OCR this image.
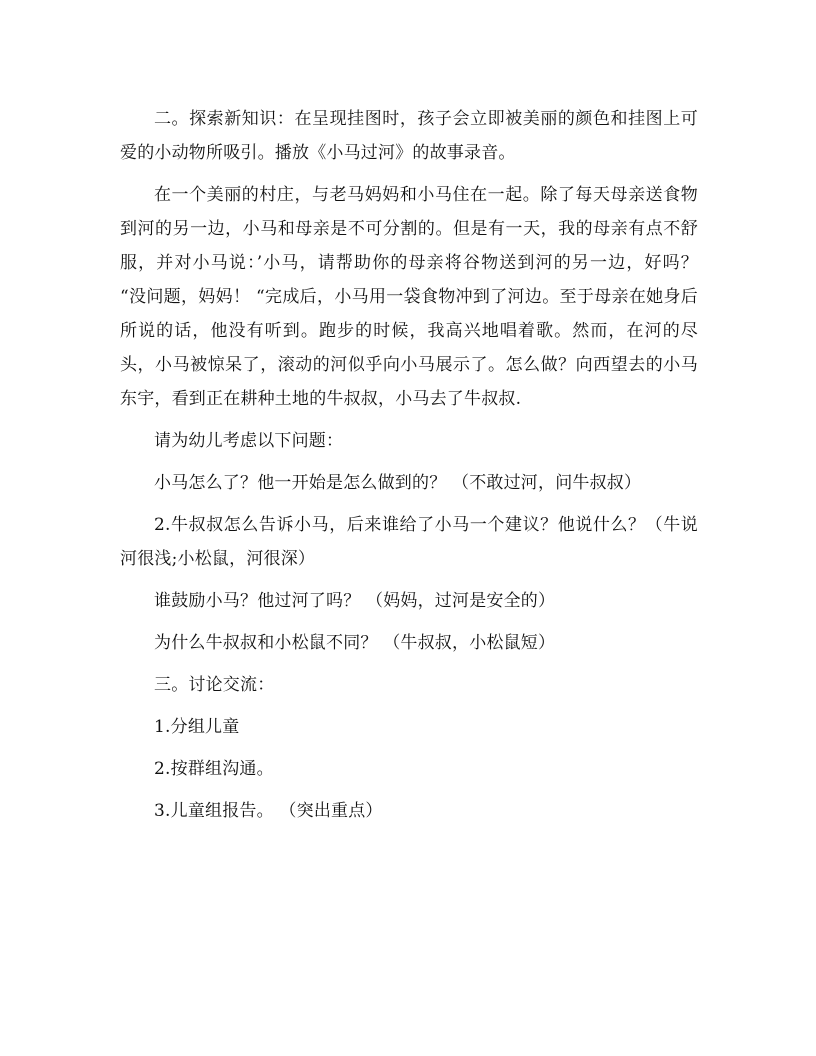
二。探索新知识：在呈现挂图时，孩子会立即被美丽的颜色和挂图上可爱的小动物所吸引。播放《小马过河》的故事录音。

在一个美丽的村庄，与老马妈妈和小马住在一起。除了每天母亲送食物到河的另一边，小马和母亲是不可分割的。但是有一天，我的母亲有点不舒服，并对小马说：’小马，请帮助你的母亲将谷物送到河的另一边，好吗？ “没问题，妈妈！ “完成后，小马用一袋食物冲到了河边。至于母亲在她身后所说的话，他没有听到。跑步的时候，我高兴地唱着歌。然而，在河的尽头，小马被惊呆了，滚动的河似乎向小马展示了。怎么做？向西望去的小马东宇，看到正在耕种土地的牛叔叔，小马去了牛叔叔.

请为幼儿考虑以下问题：

小马怎么了？他一开始是怎么做到的？ （不敢过河，问牛叔叔）

2.牛叔叔怎么告诉小马，后来谁给了小马一个建议？他说什么？（牛说河很浅;小松鼠，河很深）

谁鼓励小马？他过河了吗？ （妈妈，过河是安全的）

为什么牛叔叔和小松鼠不同？ （牛叔叔，小松鼠短）

三。讨论交流：

1.分组儿童

2.按群组沟通。

3.儿童组报告。 （突出重点）
